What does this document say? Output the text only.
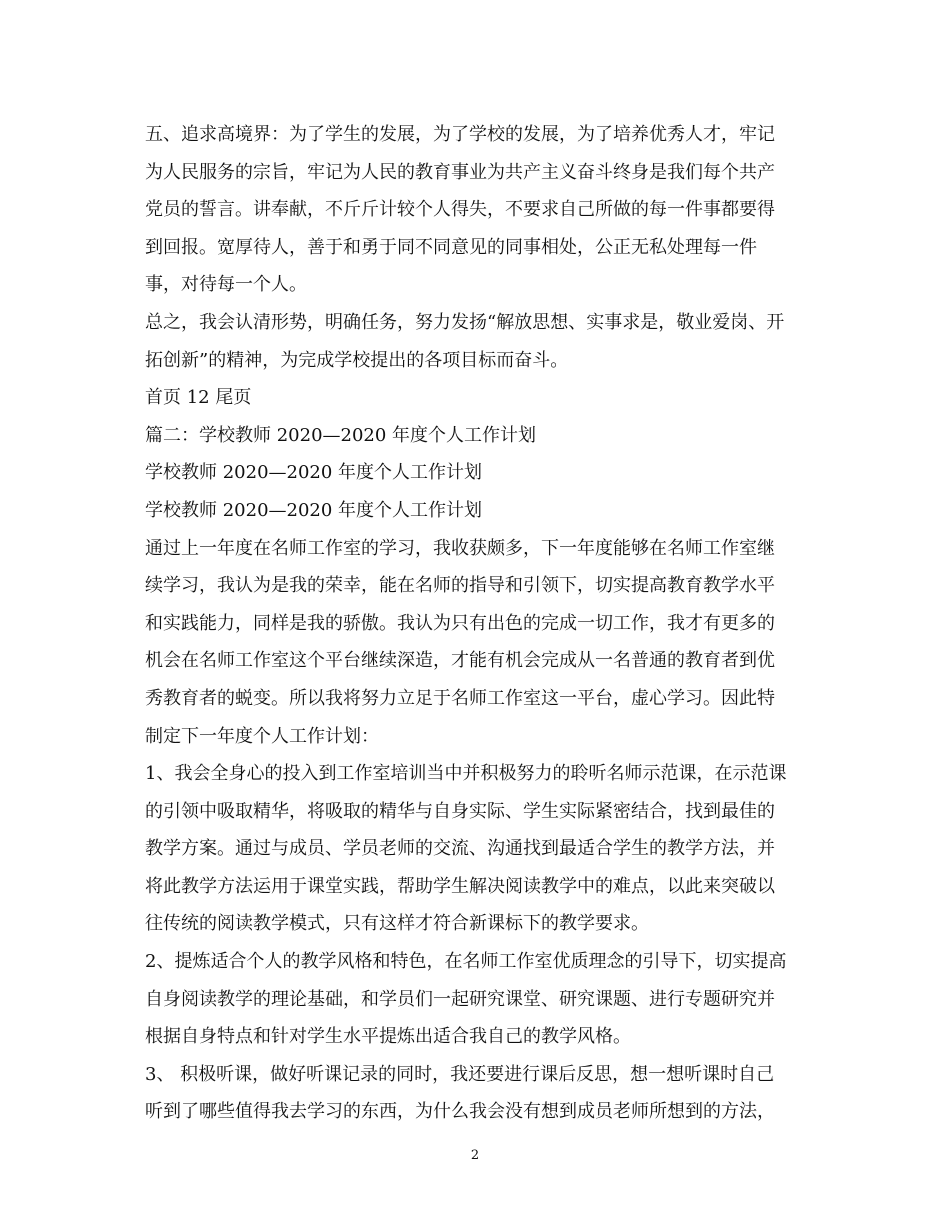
五、追求高境界：为了学生的发展，为了学校的发展，为了培养优秀人才，牢记
为人民服务的宗旨，牢记为人民的教育事业为共产主义奋斗终身是我们每个共产
党员的誓言。讲奉献，不斤斤计较个人得失，不要求自己所做的每一件事都要得
到回报。宽厚待人，善于和勇于同不同意见的同事相处，公正无私处理每一件
事，对待每一个人。
总之，我会认清形势，明确任务，努力发扬“解放思想、实事求是，敬业爱岗、开
拓创新”的精神，为完成学校提出的各项目标而奋斗。
首页 12 尾页
篇二：学校教师 2020—2020 年度个人工作计划
学校教师 2020—2020 年度个人工作计划
学校教师 2020—2020 年度个人工作计划
通过上一年度在名师工作室的学习，我收获颇多，下一年度能够在名师工作室继
续学习，我认为是我的荣幸，能在名师的指导和引领下，切实提高教育教学水平
和实践能力，同样是我的骄傲。我认为只有出色的完成一切工作，我才有更多的
机会在名师工作室这个平台继续深造，才能有机会完成从一名普通的教育者到优
秀教育者的蜕变。所以我将努力立足于名师工作室这一平台，虚心学习。因此特
制定下一年度个人工作计划：
1、我会全身心的投入到工作室培训当中并积极努力的聆听名师示范课，在示范课
的引领中吸取精华，将吸取的精华与自身实际、学生实际紧密结合，找到最佳的
教学方案。通过与成员、学员老师的交流、沟通找到最适合学生的教学方法，并
将此教学方法运用于课堂实践，帮助学生解决阅读教学中的难点，以此来突破以
往传统的阅读教学模式，只有这样才符合新课标下的教学要求。
2、提炼适合个人的教学风格和特色，在名师工作室优质理念的引导下，切实提高
自身阅读教学的理论基础，和学员们一起研究课堂、研究课题、进行专题研究并
根据自身特点和针对学生水平提炼出适合我自己的教学风格。
3、 积极听课，做好听课记录的同时，我还要进行课后反思，想一想听课时自己
听到了哪些值得我去学习的东西，为什么我会没有想到成员老师所想到的方法，
2
